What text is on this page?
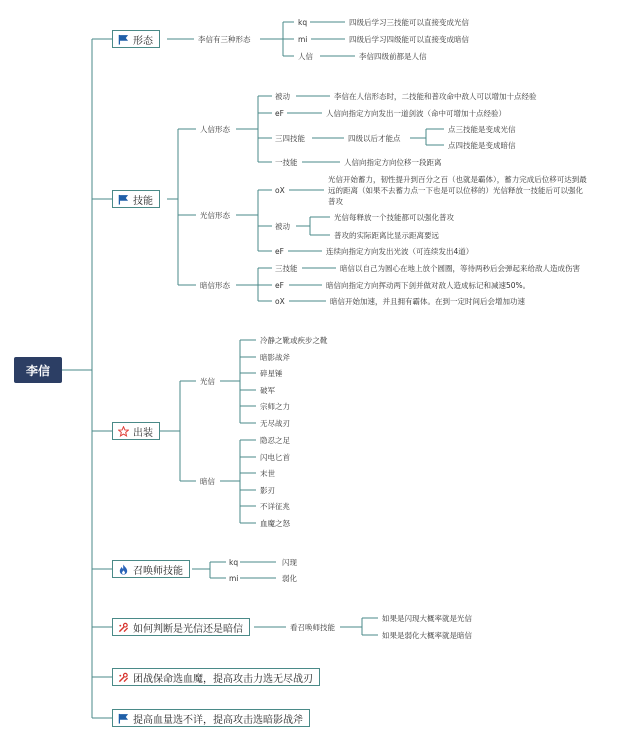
李信
形态
技能
出装
召唤师技能
如何判断是光信还是暗信
团战保命选血魔，提高攻击力选无尽战刃
提高血量选不详，提高攻击选暗影战斧
李信有三种形态
kq	四级后学习三技能可以直接变成光信
mi	四级后学习四级能可以直接变成暗信
人信	李信四级前都是人信
人信形态
被动	李信在人信形态时，二技能和普攻命中敌人可以增加十点经验
eF	人信向指定方向发出一道剑波（命中可增加十点经验）
三四技能	四级以后才能点
点三技能是变成光信
点四技能是变成暗信
一技能	人信向指定方向位移一段距离
光信形态
oX
光信开始蓄力，韧性提升到百分之百（也就是霸体），蓄力完成后位移可达到最远的距离（如果不去蓄力点一下也是可以位移的）光信释放一技能后可以强化普攻
被动
光信每释放一个技能都可以强化普攻
普攻的实际距离比显示距离要远
eF	连续向指定方向发出光波（可连续发出4道）
暗信形态
三技能	暗信以自己为圆心在地上放个圆圈，等待两秒后会弹起来给敌人造成伤害
eF	暗信向指定方向挥动两下剑并做对敌人造成标记和减速50%。
oX	暗信开始加速，并且拥有霸体。在到一定时间后会增加功速
光信
冷静之靴或疾步之靴
暗影战斧
碎星锤
破军
宗师之力
无尽战刃
暗信
隐忍之足
闪电匕首
末世
影刃
不详征兆
血魔之怒
kq	闪现
mi	弱化
看召唤师技能
如果是闪现大概率就是光信
如果是弱化大概率就是暗信
